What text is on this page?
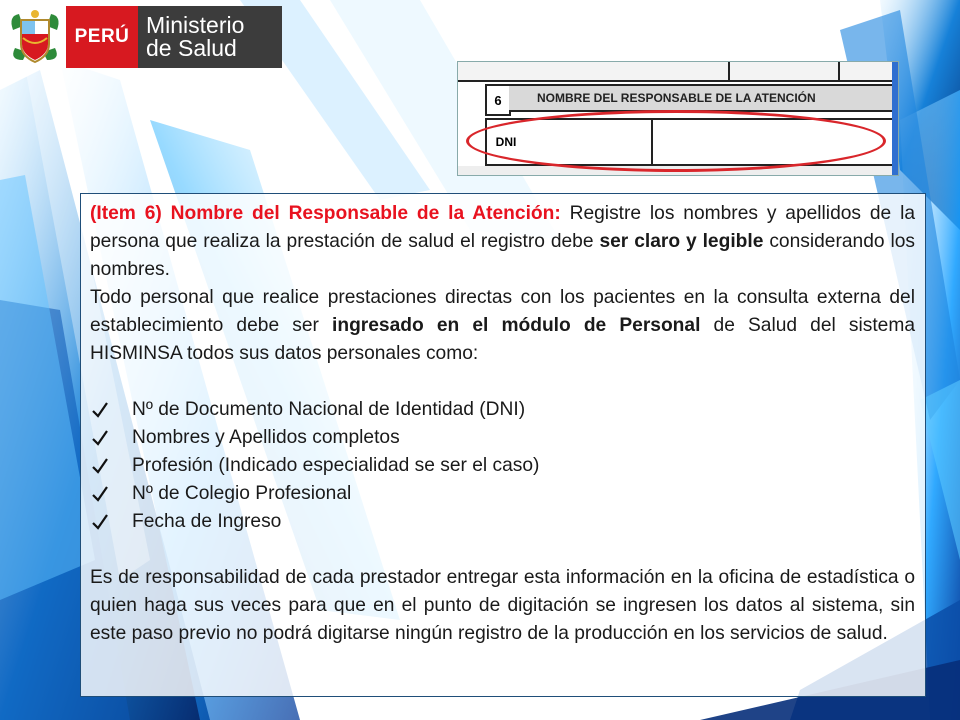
PERÚ Ministerio
de Salud
6	NOMBRE DEL RESPONSABLE DE LA ATENCIÓN
DNI

(Item 6) Nombre del Responsable de la Atención: Registre los nombres y apellidos de la persona que realiza la prestación de salud el registro debe ser claro y legible considerando los nombres.

Todo personal que realice prestaciones directas con los pacientes en la consulta externa del establecimiento debe ser ingresado en el módulo de Personal de Salud del sistema HISMINSA todos sus datos personales como:

Nº de Documento Nacional de Identidad (DNI)
Nombres y Apellidos completos
Profesión (Indicado especialidad se ser el caso)
Nº de Colegio Profesional
Fecha de Ingreso

Es de responsabilidad de cada prestador entregar esta información en la oficina de estadística o quien haga sus veces para que en el punto de digitación se ingresen los datos al sistema, sin este paso previo no podrá digitarse ningún registro de la producción en los servicios de salud.
